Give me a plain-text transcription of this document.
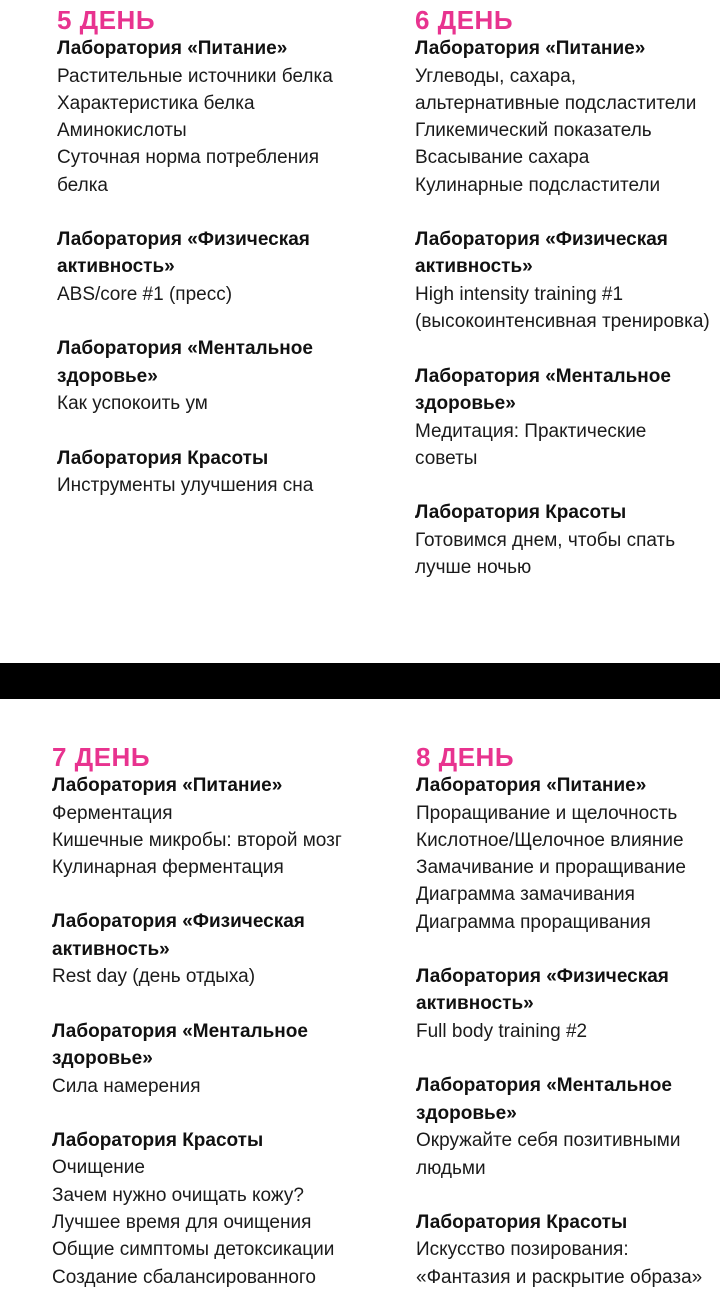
5 ДЕНЬ
Лаборатория «Питание»
Растительные источники белка
Характеристика белка
Аминокислоты
Суточная норма потребления
белка
Лаборатория «Физическая
активность»
ABS/core #1 (пресс)
Лаборатория «Ментальное
здоровье»
Как успокоить ум
Лаборатория Красоты
Инструменты улучшения сна
6 ДЕНЬ
Лаборатория «Питание»
Углеводы, сахара,
альтернативные подсластители
Гликемический показатель
Всасывание сахара
Кулинарные подсластители
Лаборатория «Физическая
активность»
High intensity training #1
(высокоинтенсивная тренировка)
Лаборатория «Ментальное
здоровье»
Медитация: Практические
советы
Лаборатория Красоты
Готовимся днем, чтобы спать
лучше ночью
7 ДЕНЬ
Лаборатория «Питание»
Ферментация
Кишечные микробы: второй мозг
Кулинарная ферментация
Лаборатория «Физическая
активность»
Rest day (день отдыха)
Лаборатория «Ментальное
здоровье»
Сила намерения
Лаборатория Красоты
Очищение
Зачем нужно очищать кожу?
Лучшее время для очищения
Общие симптомы детоксикации
Создание сбалансированного
8 ДЕНЬ
Лаборатория «Питание»
Проращивание и щелочность
Кислотное/Щелочное влияние
Замачивание и проращивание
Диаграмма замачивания
Диаграмма проращивания
Лаборатория «Физическая
активность»
Full body training #2
Лаборатория «Ментальное
здоровье»
Окружайте себя позитивными
людьми
Лаборатория Красоты
Искусство позирования:
«Фантазия и раскрытие образа»
